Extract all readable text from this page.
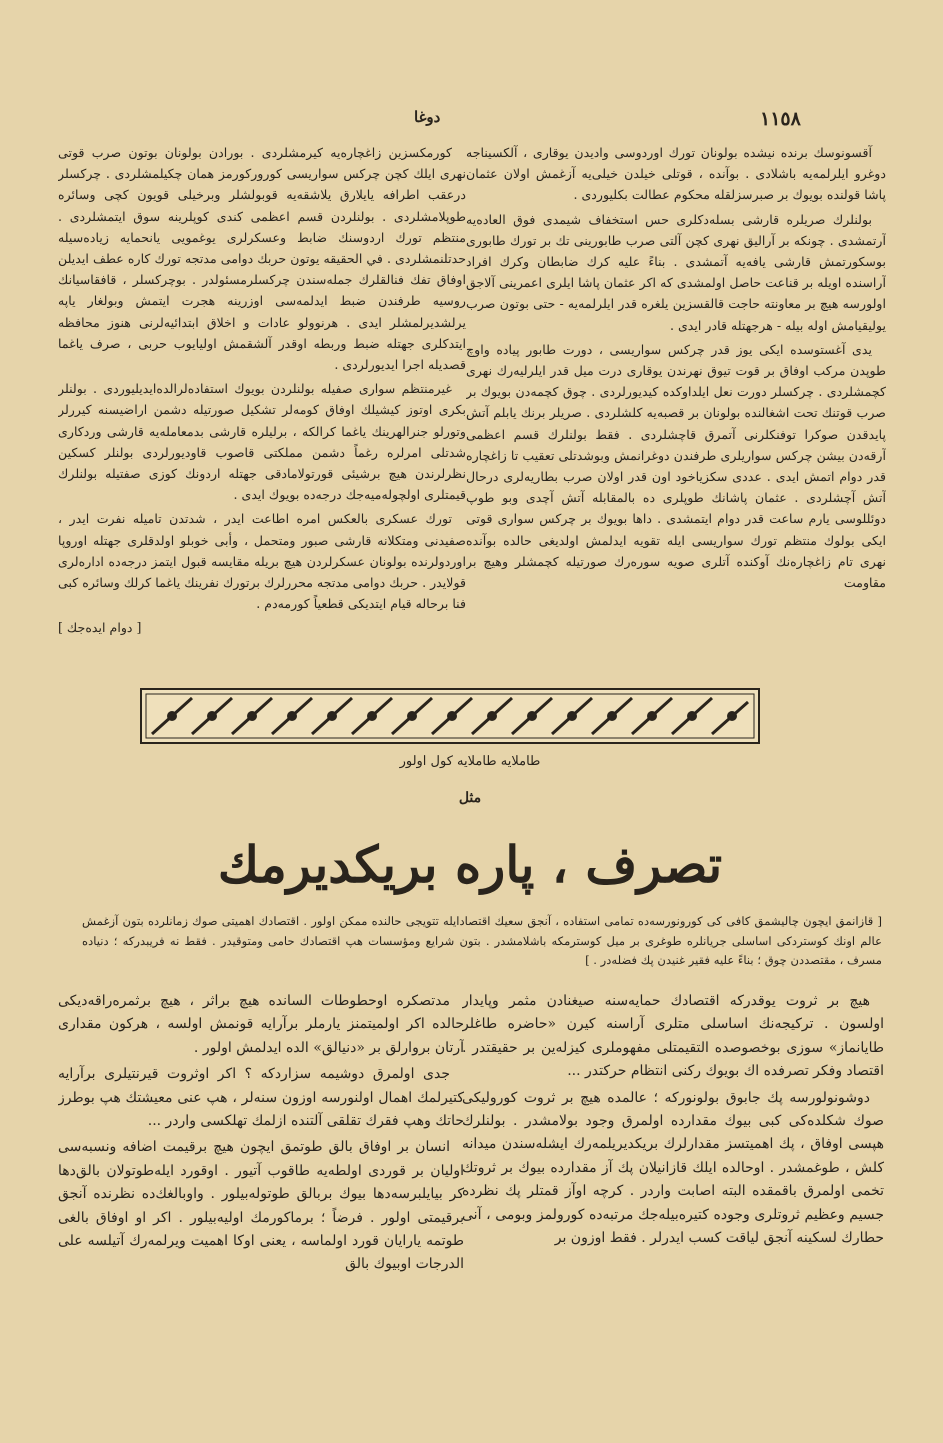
١١٥٨
دوغا

آقسونوسك برنده نيشده بولونان تورك اوردوسى واديدن يوقارى ، آلكسيناجه دوغرو ايلرلمه‌يه باشلادى . بوآنده ، قوتلى خيلدن خيلى‌يه آزغمش اولان عثمان پاشا قولنده بويوك بر صبرسزلقله محكوم عطالت بكليوردى .

بولنلرك صريلره قارشى بسله‌دكلرى حس استخفاف شيمدى فوق العاده‌يه آرتمشدى . چونكه بر آراليق نهرى كچن آلتى صرب طابورينى تك بر تورك طابورى بوسكورتمش قارشى يافه‌يه آتمشدى . بناءً عليه كرك ضابطان وكرك افراد آراسنده اويله بر قناعت حاصل اولمشدى كه اكر عثمان پاشا ايلرى اعمرينى آلاجق اولورسه هيچ بر معاونته حاجت قالقسزين يلغره قدر ايلرلمه‌يه - حتى بوتون صرب يوليقيامش اوله بيله - هرجهتله قادر ايدى .

يدى آغستوسده ايكى يوز قدر چركس سواريسى ، دورت طابور پياده واوچ طوپدن مركب اوفاق بر قوت تيوق نهرندن يوقارى درت ميل قدر ايلرليه‌رك نهرى كچمشلردى . چركسلر دورت نعل ايلداوكده كيديورلردى . چوق كچمه‌دن بويوك بر صرب قوتنك تحت اشغالنده بولونان بر قصبه‌يه كلشلردى . صريلر برنك يابلم آتش پايدقدن صوكرا توفنكلرنى آتمرق قاچشلردى . فقط بولنلرك قسم اعظمى آرقه‌دن بيشن چركس سواريلرى طرفندن دوغرانمش وبوشدتلى تعقيب تا زاغچاره قدر دوام اتمش ايدى . عددى سكزيا‌خود اون قدر اولان صرب بطاريه‌لرى درحال آتش آچشلردى . عثمان پاشانك طوپلرى ده بالمقابله آتش آچدى وبو طوپ دوئللوسى يارم ساعت قدر دوام ايتمشدى . داها بويوك بر چركس سوارى قوتى ايكى بولوك منتظم تورك سواريسى ايله تقويه ايدلمش اولديغى حالده بوآنده نهرى تام زاغچاره‌نك آوكنده آتلرى صويه سوره‌رك صورتيله كچمشلر وهيچ بر مقاومت

كورمكسزين زاغچاره‌يه كيرمشلردى . بورادن بولونان بوتون صرب قوتى نهرى ايلك كچن چركس سواريسى كوروركورمز همان چكيلمشلردى . چركسلر درعقب اطرافه يايلارق يلاشقه‌يه قوبولشلر وبرخيلى قويون كچى وسائره طوپلامشلردى . بولنلردن قسم اعظمى كندى كوپلرينه سوق ايتمشلردى . منتظم تورك اردوسنك ضابط وعسكرلرى يوغمويى يانحمايه زياده‌سيله حدتلنمشلردى . في الحقيقه يوتون حربك دوامى مدتجه تورك كاره عطف ايديلن اوفاق تفك فنالقلرك جمله‌سندن چركسلرمسئولدر . بوچركسلر ، قافقاسيانك روسيه طرفندن ضبط ايدلمه‌سى اوزرينه هجرت ايتمش وبولغار ياپه يرلشديرلمشلر ايدى . هرنوولو عادات و اخلاق ابتدائيه‌لرنى هنوز محافظه ايتدكلرى جهتله ضبط وربطه اوقدر آلشقمش اوليايوب حربى ، صرف ياغما قصديله اجرا ايديورلردى .

غيرمنتظم سوارى صفيله بولنلردن بويوك استفاده‌لرالده‌ايديليوردى . بولنلر بكرى اوتوز كيشيلك اوفاق كومه‌لر تشكيل صورتيله دشمن اراضيسنه كيررلر وتورلو جنرالهرينك ياغما كرالكه ، برليلره قارشى بدمعامله‌يه قارشى وردكارى شدتلى امرلره رغماً دشمن مملكتى قاصوب قاوديورلردى بولنلر كسكين نظرلرندن هيچ برشيئى قورتولامادقى جهتله اردونك كوزى صفتيله بولنلرك قيمتلرى اولچوله‌ميه‌جك درجه‌ده بويوك ايدى .

تورك عسكرى بالعكس امره اطاعت ايدر ، شدتدن تاميله نفرت ايدر ، صفيدنى ومتكلانه قارشى صبور ومتحمل ، وأبى خوبلو اولدقلرى جهتله اوروپا اوردولرنده بولونان عسكرلردن هيچ بريله مقايسه قبول ايتمز درجه‌ده اداره‌لرى قولايدر . حربك دوامى مدتجه محررلرك برتورك نفرينك ياغما كرلك وسائره كبى فنا برحاله قيام ايتديكى قطعياً كورمه‌دم .

[ دوام ايده‌جك ]
طاملايه طاملايه كول اولور
مثل
تصرف ، پاره بريكديرمك
[ قازانمق ايچون چاليشمق كافى كى كورونورسه‌ده تمامى استفاده ، آنجق سعيك اقتصادايله تتويجى حالنده ممكن اولور . اقتصادك اهميتى صوك زمانلرده بتون آزغمش عالم اونك كوستردكى اساسلى جريانلره طوغرى بر ميل كوسترمكه باشلامشدر . بتون شرايع ومؤسسات هپ اقتصادك حامى ومتوقيدر . فقط نه فريبدركه ؛ دنياده مسرف ، مقتصددن چوق ؛ بناءً عليه فقير غنيدن پك فضله‌در . ]

هيچ بر ثروت يوقدركه اقتصادك حمايه‌سنه صيغنادن مثمر وپايدار اولسون . تركيجه‌نك اساسلى متلرى آراسنه كيرن «حاضره طاغلر طايانماز» سوزى بوخصوصده التقيمتلى مفهوملرى كيزله‌ين بر حقيقتدر . اقتصاد وفكر تصرفده اك بويوك ركنى انتظام حركتدر ...

دوشونولورسه پك جابوق بولونوركه ؛ عالمده هيچ بر ثروت كوروليكى صوك شكلده‌كى كبى بيوك مقدارده اولمرق وجود بولامشدر . بولنلرك هپسى اوفاق ، پك اهميتسز مقدارلرك بريكديريلمه‌رك ايشله‌سندن ميدانه كلش ، طوغمشدر . اوحالده ايلك قازانيلان پك آز مقدارده بيوك بر ثروتك تخمى اولمرق باقمقده البته اصابت واردر . كرچه اوآز قمتلر پك نظرده جسيم وعظيم ثروتلرى وجوده كتيره‌بيله‌جك مرتبه‌ده كورولمز وبومى ، آنى حطارك لسكينه آنجق لياقت كسب ايدرلر . فقط اوزون بر

مدتصكره اوحطوطات السانده هيچ براثر ، هيچ برثمره‌راقه‌ديكى حالده اكر اولميتمنز يارملر برآرايه قونمش اولسه ، هركون مقدارى آرتان بروارلق بر «دنيالق» الده ايدلمش اولور .

جدى اولمرق دوشيمه سزاردكه ؟ اكر اوثروت قيرنتيلرى برآرايه كتيرلمك اهمال اولنورسه اوزون سنه‌لر ، هپ عنى معيشتك هپ بوطرز حاتك وهپ فقرك تقلقى آلتنده ازلمك تهلكسى واردر ...

انسان بر اوفاق بالق طوتمق ايچون هيچ برقيمت اضافه ونسبه‌سى اوليان بر قوردى اولطه‌يه طاقوب آتيور . اوقورد ايله‌طوتولان بالق‌دها كر بيايلبرسه‌دها بيوك بربالق طوتوله‌بيلور . واوبالغك‌ده نظرنده آنجق برقيمتى اولور . فرضاً ؛ برماكورمك اوليه‌بيلور . اكر او اوفاق بالغى طوتمه يارايان قورد اولماسه ، يعنى اوكا اهميت ويرلمه‌رك آتيلسه على الدرجات اوبيوك بالق
